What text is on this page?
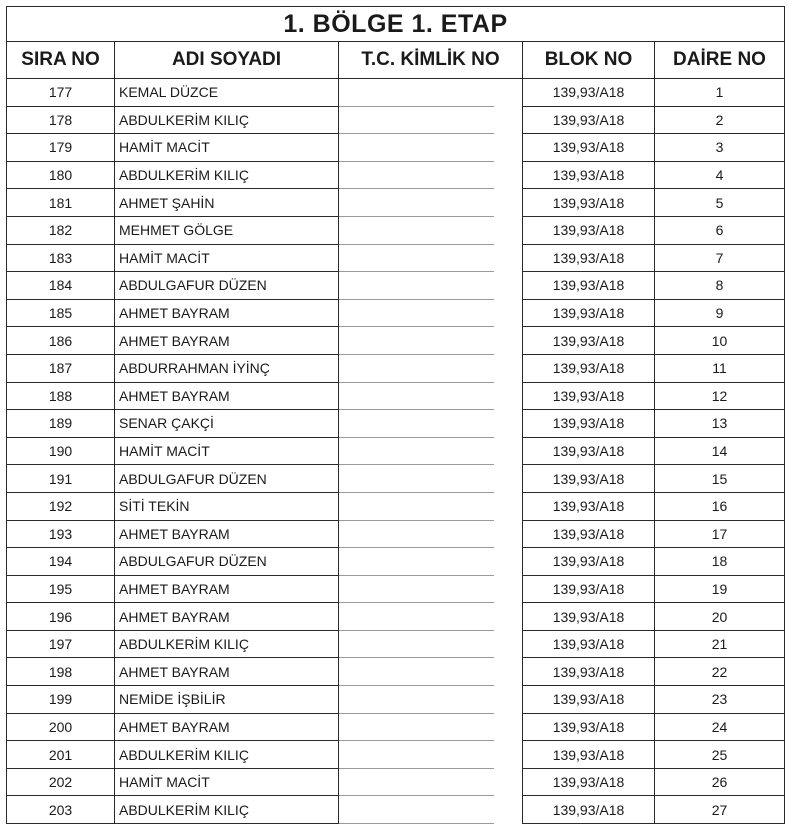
1. BÖLGE 1. ETAP				
SIRA NO	ADI SOYADI	T.C. KİMLİK NO	BLOK NO	DAİRE NO
177	KEMAL DÜZCE		139,93/A18	1
178	ABDULKERİM KILIÇ		139,93/A18	2
179	HAMİT MACİT		139,93/A18	3
180	ABDULKERİM KILIÇ		139,93/A18	4
181	AHMET ŞAHİN		139,93/A18	5
182	MEHMET GÖLGE		139,93/A18	6
183	HAMİT MACİT		139,93/A18	7
184	ABDULGAFUR DÜZEN		139,93/A18	8
185	AHMET BAYRAM		139,93/A18	9
186	AHMET BAYRAM		139,93/A18	10
187	ABDURRAHMAN İYİNÇ		139,93/A18	11
188	AHMET BAYRAM		139,93/A18	12
189	SENAR ÇAKÇİ		139,93/A18	13
190	HAMİT MACİT		139,93/A18	14
191	ABDULGAFUR DÜZEN		139,93/A18	15
192	SİTİ TEKİN		139,93/A18	16
193	AHMET BAYRAM		139,93/A18	17
194	ABDULGAFUR DÜZEN		139,93/A18	18
195	AHMET BAYRAM		139,93/A18	19
196	AHMET BAYRAM		139,93/A18	20
197	ABDULKERİM KILIÇ		139,93/A18	21
198	AHMET BAYRAM		139,93/A18	22
199	NEMİDE İŞBİLİR		139,93/A18	23
200	AHMET BAYRAM		139,93/A18	24
201	ABDULKERİM KILIÇ		139,93/A18	25
202	HAMİT MACİT		139,93/A18	26
203	ABDULKERİM KILIÇ		139,93/A18	27
